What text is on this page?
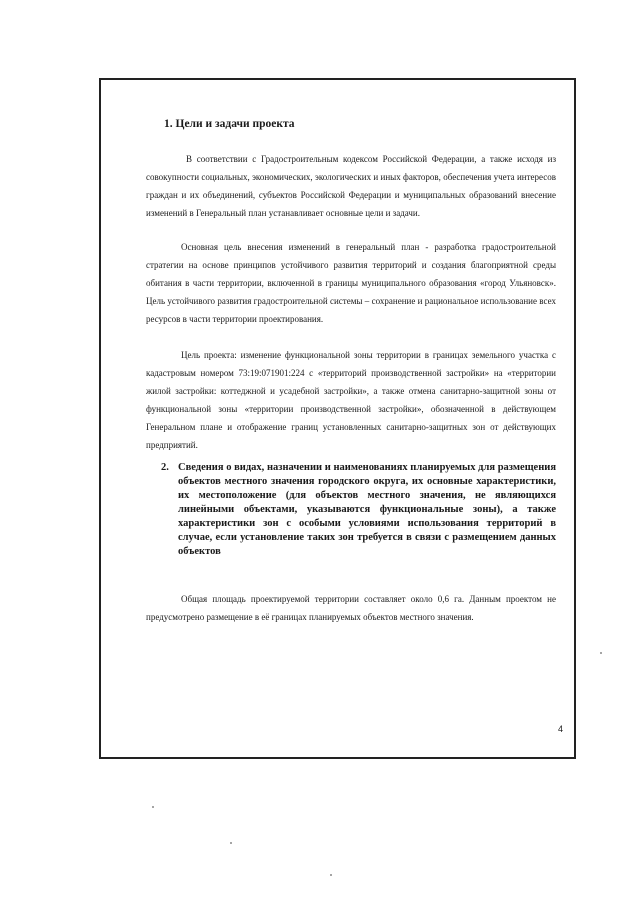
1. Цели и задачи проекта

В соответствии с Градостроительным кодексом Российской Федерации, а также исходя из совокупности социальных, экономических, экологических и иных факторов, обеспечения учета интересов граждан и их объединений, субъектов Российской Федерации и муниципальных образований внесение изменений в Генеральный план устанавливает основные цели и задачи.

Основная цель внесения изменений в генеральный план - разработка градостроительной стратегии на основе принципов устойчивого развития территорий и создания благоприятной среды обитания в части территории, включенной в границы муниципального образования «город Ульяновск». Цель устойчивого развития градостроительной системы – сохранение и рациональное использование всех ресурсов в части территории проектирования.

Цель проекта: изменение функциональной зоны территории в границах земельного участка с кадастровым номером 73:19:071901:224 с «территорий производственной застройки» на «территории жилой застройки: коттеджной и усадебной застройки», а также отмена санитарно-защитной зоны от функциональной зоны «территории производственной застройки», обозначенной в действующем Генеральном плане и отображение границ установленных санитарно-защитных зон от действующих предприятий.

2. Сведения о видах, назначении и наименованиях планируемых для размещения объектов местного значения городского округа, их основные характеристики, их местоположение (для объектов местного значения, не являющихся линейными объектами, указываются функциональные зоны), а также характеристики зон с особыми условиями использования территорий в случае, если установление таких зон требуется в связи с размещением данных объектов

Общая площадь проектируемой территории составляет около 0,6 га. Данным проектом не предусмотрено размещение в её границах планируемых объектов местного значения.

4
